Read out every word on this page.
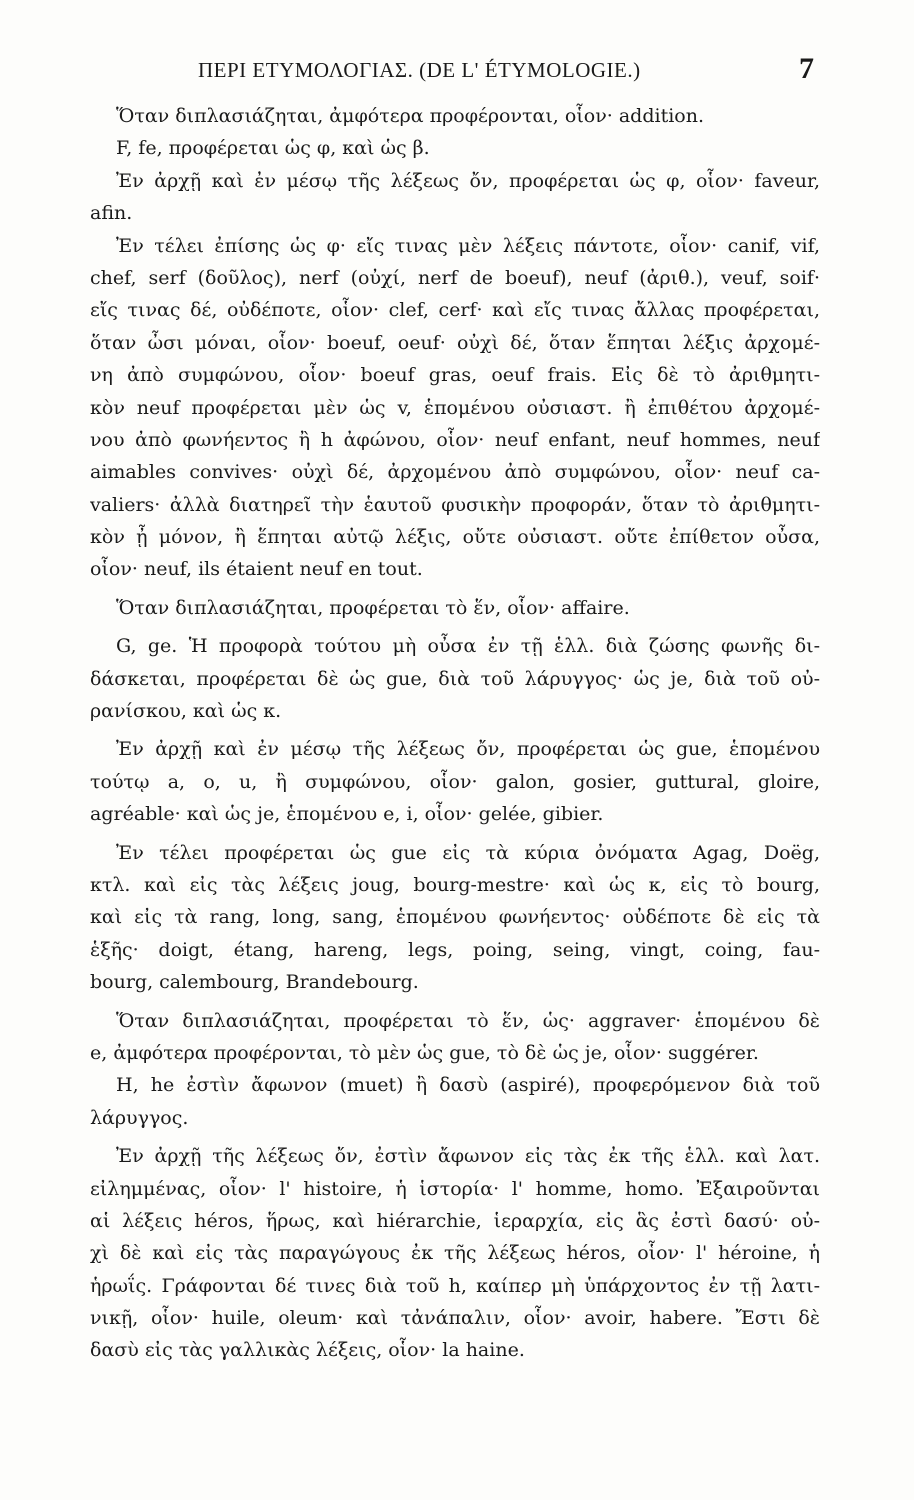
ΠΕΡΙ ΕΤΥΜΟΛΟΓΙΑΣ. (DE L' ÉTYMOLOGIE.)	7
Ὅταν διπλασιάζηται, ἀμφότερα προφέρονται, οἷον· addition.
F, fe, προφέρεται ὡς φ, καὶ ὡς β.
Ἐν ἀρχῇ καὶ ἐν μέσῳ τῆς λέξεως ὄν, προφέρεται ὡς φ, οἷον· faveur,
afin.
Ἐν τέλει ἐπίσης ὡς φ· εἴς τινας μὲν λέξεις πάντοτε, οἷον· canif, vif,
chef, serf (δοῦλος), nerf (οὐχί, nerf de boeuf), neuf (ἀριθ.), veuf, soif·
εἴς τινας δέ, οὐδέποτε, οἷον· clef, cerf· καὶ εἴς τινας ἄλλας προφέρεται,
ὅταν ὦσι μόναι, οἷον· boeuf, oeuf· οὐχὶ δέ, ὅταν ἕπηται λέξις ἀρχομέ-
νη ἀπὸ συμφώνου, οἷον· boeuf gras, oeuf frais. Εἰς δὲ τὸ ἀριθμητι-
κὸν neuf προφέρεται μὲν ὡς v, ἑπομένου οὐσιαστ. ἢ ἐπιθέτου ἀρχομέ-
νου ἀπὸ φωνήεντος ἢ h ἀφώνου, οἷον· neuf enfant, neuf hommes, neuf
aimables convives· οὐχὶ δέ, ἀρχομένου ἀπὸ συμφώνου, οἷον· neuf ca-
valiers· ἀλλὰ διατηρεῖ τὴν ἑαυτοῦ φυσικὴν προφοράν, ὅταν τὸ ἀριθμητι-
κὸν ᾖ μόνον, ἢ ἕπηται αὐτῷ λέξις, οὔτε οὐσιαστ. οὔτε ἐπίθετον οὖσα,
οἷον· neuf, ils étaient neuf en tout.
Ὅταν διπλασιάζηται, προφέρεται τὸ ἕν, οἷον· affaire.
G, ge. Ἡ προφορὰ τούτου μὴ οὖσα ἐν τῇ ἑλλ. διὰ ζώσης φωνῆς δι-
δάσκεται, προφέρεται δὲ ὡς gue, διὰ τοῦ λάρυγγος· ὡς je, διὰ τοῦ οὐ-
ρανίσκου, καὶ ὡς κ.
Ἐν ἀρχῇ καὶ ἐν μέσῳ τῆς λέξεως ὄν, προφέρεται ὡς gue, ἑπομένου
τούτῳ a, o, u, ἢ συμφώνου, οἷον· galon, gosier, guttural, gloire,
agréable· καὶ ὡς je, ἑπομένου e, i, οἷον· gelée, gibier.
Ἐν τέλει προφέρεται ὡς gue εἰς τὰ κύρια ὀνόματα Agag, Doëg,
κτλ. καὶ εἰς τὰς λέξεις joug, bourg-mestre· καὶ ὡς κ, εἰς τὸ bourg,
καὶ εἰς τὰ rang, long, sang, ἑπομένου φωνήεντος· οὐδέποτε δὲ εἰς τὰ
ἑξῆς· doigt, étang, hareng, legs, poing, seing, vingt, coing, fau-
bourg, calembourg, Brandebourg.
Ὅταν διπλασιάζηται, προφέρεται τὸ ἕν, ὡς· aggraver· ἑπομένου δὲ
e, ἀμφότερα προφέρονται, τὸ μὲν ὡς gue, τὸ δὲ ὡς je, οἷον· suggérer.
H, he ἐστὶν ἄφωνον (muet) ἢ δασὺ (aspiré), προφερόμενον διὰ τοῦ
λάρυγγος.
Ἐν ἀρχῇ τῆς λέξεως ὄν, ἐστὶν ἄφωνον εἰς τὰς ἐκ τῆς ἑλλ. καὶ λατ.
εἰλημμένας, οἷον· l' histoire, ἡ ἱστορία· l' homme, homo. Ἐξαιροῦνται
αἱ λέξεις héros, ἥρως, καὶ hiérarchie, ἱεραρχία, εἰς ἃς ἐστὶ δασύ· οὐ-
χὶ δὲ καὶ εἰς τὰς παραγώγους ἐκ τῆς λέξεως héros, οἷον· l' héroine, ἡ
ἡρωΐς. Γράφονται δέ τινες διὰ τοῦ h, καίπερ μὴ ὑπάρχοντος ἐν τῇ λατι-
νικῇ, οἷον· huile, oleum· καὶ τἀνάπαλιν, οἷον· avoir, habere. Ἔστι δὲ
δασὺ εἰς τὰς γαλλικὰς λέξεις, οἷον· la haine.
